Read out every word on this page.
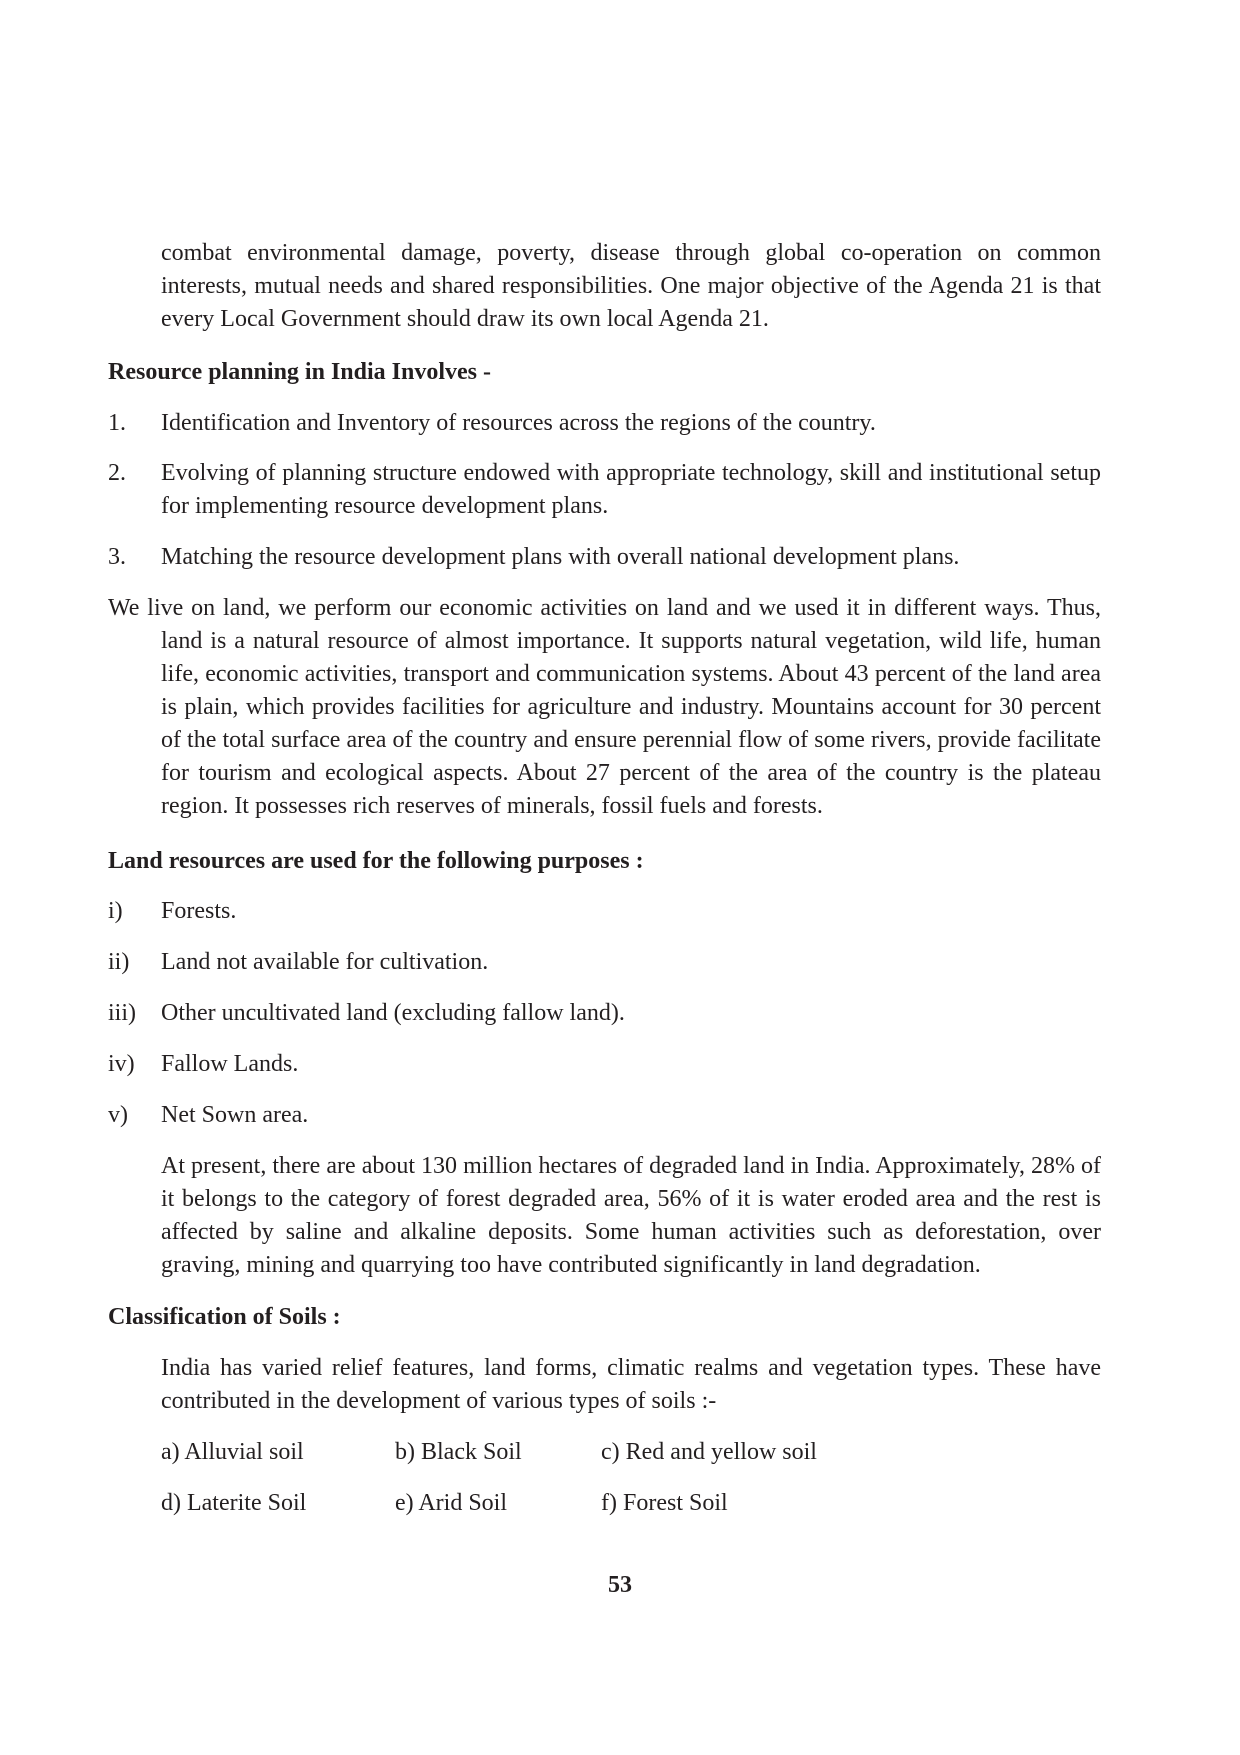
combat environmental damage, poverty, disease through global co-operation on common interests, mutual needs and shared responsibilities. One major objective of the Agenda 21 is that every Local Government should draw its own local Agenda 21.

Resource planning in India Involves -

1.	Identification and Inventory of resources across the regions of the country.
2.	Evolving of planning structure endowed with appropriate technology, skill and institutional setup for implementing resource development plans.
3.	Matching the resource development plans with overall national development plans.

We live on land, we perform our economic activities on land and we used it in different ways. Thus, land is a natural resource of almost importance. It supports natural vegetation, wild life, human life, economic activities, transport and communication systems. About 43 percent of the land area is plain, which provides facilities for agriculture and industry. Mountains account for 30 percent of the total surface area of the country and ensure perennial flow of some rivers, provide facilitate for tourism and ecological aspects. About 27 percent of the area of the country is the plateau region. It possesses rich reserves of minerals, fossil fuels and forests.

Land resources are used for the following purposes :

i)	Forests.
ii)	Land not available for cultivation.
iii)	Other uncultivated land (excluding fallow land).
iv)	Fallow Lands.
v)	Net Sown area.

At present, there are about 130 million hectares of degraded land in India. Approximately, 28% of it belongs to the category of forest degraded area, 56% of it is water eroded area and the rest is affected by saline and alkaline deposits. Some human activities such as deforestation, over graving, mining and quarrying too have contributed significantly in land degradation.

Classification of Soils :

India has varied relief features, land forms, climatic realms and vegetation types. These have contributed in the development of various types of soils :-

a) Alluvial soil	b) Black Soil	c) Red and yellow soil
d) Laterite Soil	e) Arid Soil	f) Forest Soil
53
